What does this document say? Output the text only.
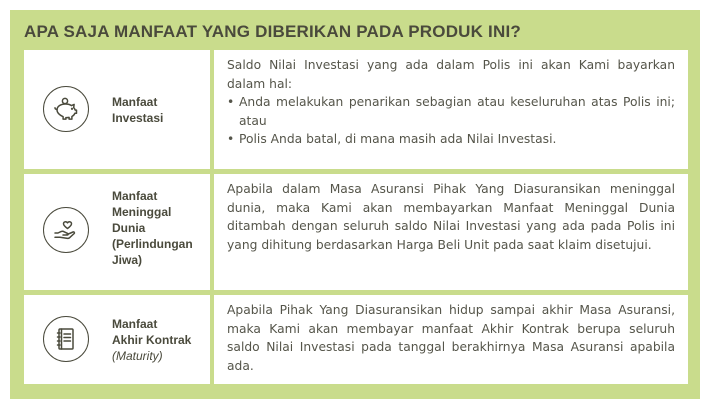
APA SAJA MANFAAT YANG DIBERIKAN PADA PRODUK INI?
Manfaat
Investasi
Saldo Nilai Investasi yang ada dalam Polis ini akan Kami bayarkan dalam hal:
• Anda melakukan penarikan sebagian atau keseluruhan atas Polis ini; atau
• Polis Anda batal, di mana masih ada Nilai Investasi.
Manfaat
Meninggal
Dunia
(Perlindungan
Jiwa)
Apabila dalam Masa Asuransi Pihak Yang Diasuransikan meninggal dunia, maka Kami akan membayarkan Manfaat Meninggal Dunia ditambah dengan seluruh saldo Nilai Investasi yang ada pada Polis ini yang dihitung berdasarkan Harga Beli Unit pada saat klaim disetujui.
Manfaat
Akhir Kontrak
(Maturity)
Apabila Pihak Yang Diasuransikan hidup sampai akhir Masa Asuransi, maka Kami akan membayar manfaat Akhir Kontrak berupa seluruh saldo Nilai Investasi pada tanggal berakhirnya Masa Asuransi apabila ada.
